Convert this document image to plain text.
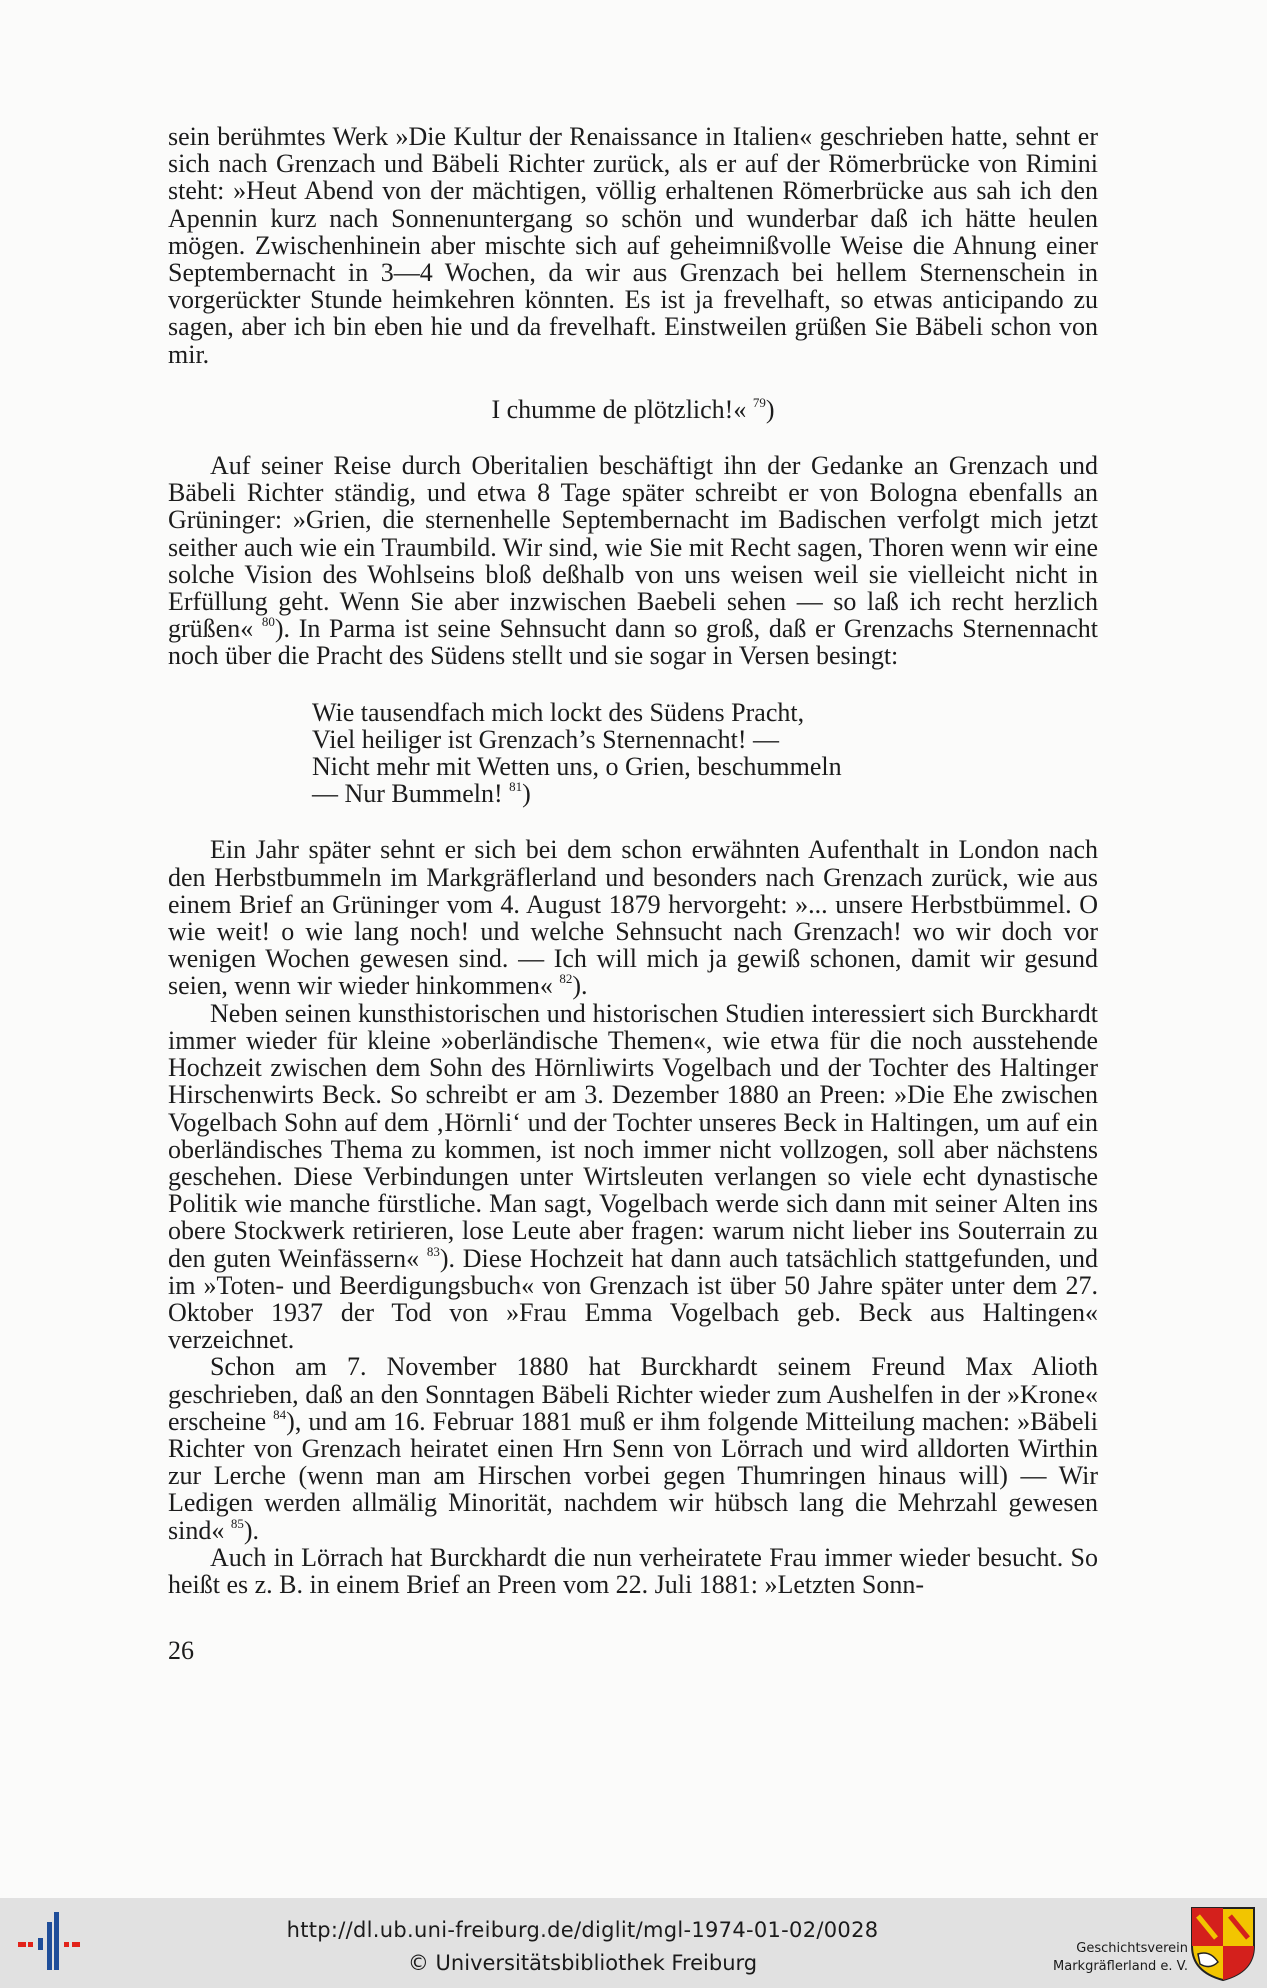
sein berühmtes Werk »Die Kultur der Renaissance in Italien« geschrieben hatte, sehnt er sich nach Grenzach und Bäbeli Richter zurück, als er auf der Römerbrücke von Rimini steht: »Heut Abend von der mächtigen, völlig erhaltenen Römerbrücke aus sah ich den Apennin kurz nach Sonnenuntergang so schön und wunderbar daß ich hätte heulen mögen. Zwischenhinein aber mischte sich auf geheimnißvolle Weise die Ahnung einer Septembernacht in 3—4 Wochen, da wir aus Grenzach bei hellem Sternenschein in vorgerückter Stunde heimkehren könnten. Es ist ja frevelhaft, so etwas anticipando zu sagen, aber ich bin eben hie und da frevelhaft. Einstweilen grüßen Sie Bäbeli schon von mir.

I chumme de plötzlich!« $^{79}$)

Auf seiner Reise durch Oberitalien beschäftigt ihn der Gedanke an Grenzach und Bäbeli Richter ständig, und etwa 8 Tage später schreibt er von Bologna ebenfalls an Grüninger: »Grien, die sternenhelle Septembernacht im Badischen verfolgt mich jetzt seither auch wie ein Traumbild. Wir sind, wie Sie mit Recht sagen, Thoren wenn wir eine solche Vision des Wohlseins bloß deßhalb von uns weisen weil sie vielleicht nicht in Erfüllung geht. Wenn Sie aber inzwischen Baebeli sehen — so laß ich recht herzlich grüßen« $^{80}$). In Parma ist seine Sehnsucht dann so groß, daß er Grenzachs Sternennacht noch über die Pracht des Südens stellt und sie sogar in Versen besingt:

Wie tausendfach mich lockt des Südens Pracht,
Viel heiliger ist Grenzach’s Sternennacht! —
Nicht mehr mit Wetten uns, o Grien, beschummeln
— Nur Bummeln! $^{81}$)

Ein Jahr später sehnt er sich bei dem schon erwähnten Aufenthalt in London nach den Herbstbummeln im Markgräflerland und besonders nach Grenzach zurück, wie aus einem Brief an Grüninger vom 4. August 1879 hervorgeht: »... unsere Herbstbümmel. O wie weit! o wie lang noch! und welche Sehnsucht nach Grenzach! wo wir doch vor wenigen Wochen gewesen sind. — Ich will mich ja gewiß schonen, damit wir gesund seien, wenn wir wieder hinkommen« $^{82}$).

Neben seinen kunsthistorischen und historischen Studien interessiert sich Burckhardt immer wieder für kleine »oberländische Themen«, wie etwa für die noch ausstehende Hochzeit zwischen dem Sohn des Hörnliwirts Vogelbach und der Tochter des Haltinger Hirschenwirts Beck. So schreibt er am 3. Dezember 1880 an Preen: »Die Ehe zwischen Vogelbach Sohn auf dem ‚Hörnli‘ und der Tochter unseres Beck in Haltingen, um auf ein oberländisches Thema zu kommen, ist noch immer nicht vollzogen, soll aber nächstens geschehen. Diese Verbindungen unter Wirtsleuten verlangen so viele echt dynastische Politik wie manche fürstliche. Man sagt, Vogelbach werde sich dann mit seiner Alten ins obere Stockwerk retirieren, lose Leute aber fragen: warum nicht lieber ins Souterrain zu den guten Weinfässern« $^{83}$). Diese Hochzeit hat dann auch tatsächlich stattgefunden, und im »Toten- und Beerdigungsbuch« von Grenzach ist über 50 Jahre später unter dem 27. Oktober 1937 der Tod von »Frau Emma Vogelbach geb. Beck aus Haltingen« verzeichnet.

Schon am 7. November 1880 hat Burckhardt seinem Freund Max Alioth geschrieben, daß an den Sonntagen Bäbeli Richter wieder zum Aushelfen in der »Krone« erscheine $^{84}$), und am 16. Februar 1881 muß er ihm folgende Mitteilung machen: »Bäbeli Richter von Grenzach heiratet einen Hrn Senn von Lörrach und wird alldorten Wirthin zur Lerche (wenn man am Hirschen vorbei gegen Thumringen hinaus will) — Wir Ledigen werden allmälig Minorität, nachdem wir hübsch lang die Mehrzahl gewesen sind« $^{85}$).

Auch in Lörrach hat Burckhardt die nun verheiratete Frau immer wieder besucht. So heißt es z. B. in einem Brief an Preen vom 22. Juli 1881: »Letzten Sonn-

26
http://dl.ub.uni-freiburg.de/diglit/mgl-1974-01-02/0028
© Universitätsbibliothek Freiburg
Geschichtsverein
Markgräflerland e. V.
